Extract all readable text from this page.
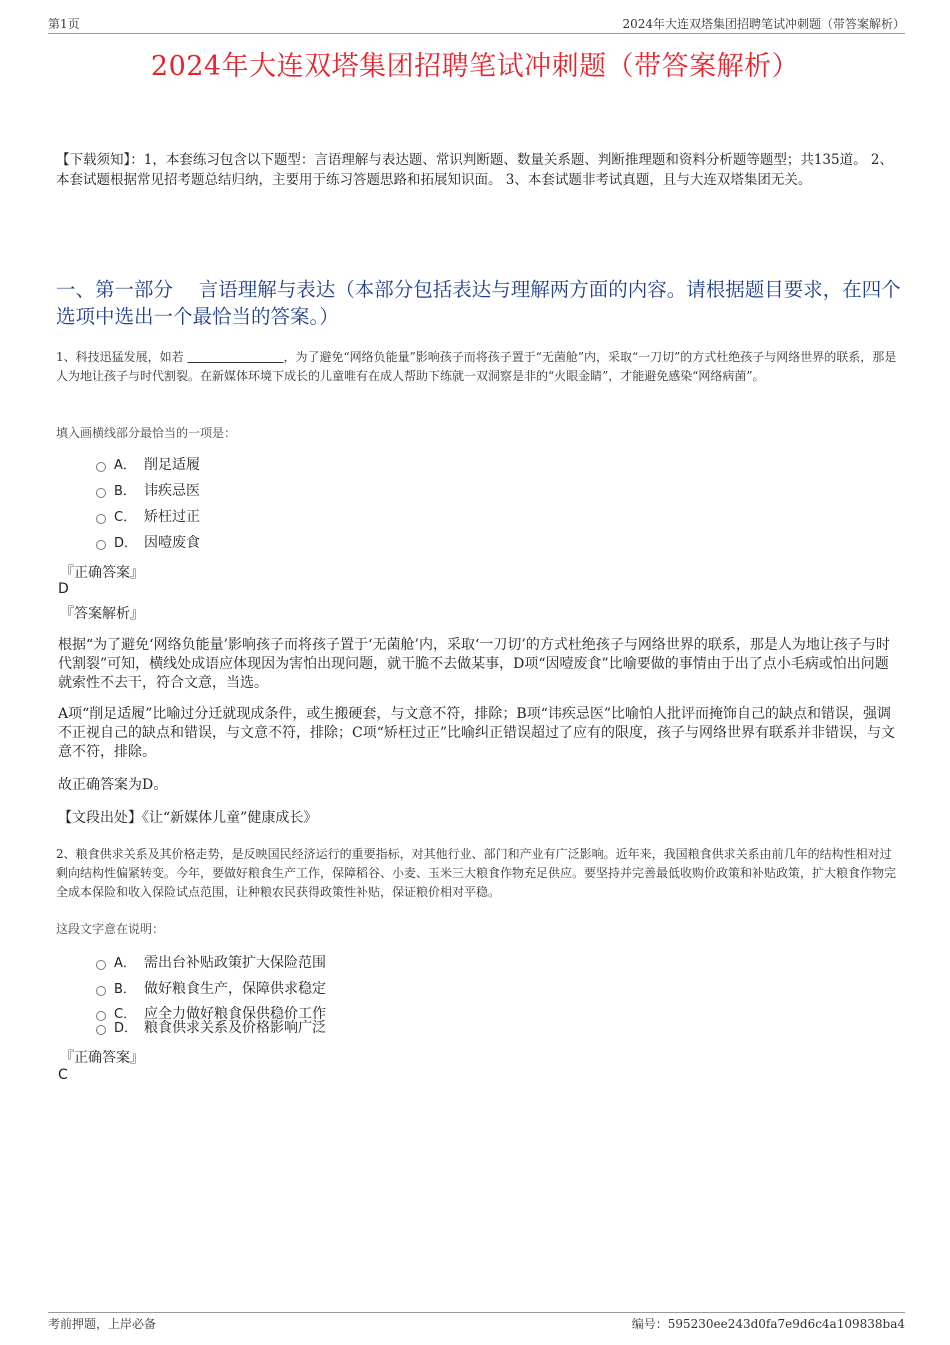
第1页	2024年大连双塔集团招聘笔试冲刺题（带答案解析）
2024年大连双塔集团招聘笔试冲刺题（带答案解析）
【下载须知】：1，本套练习包含以下题型：言语理解与表达题、常识判断题、数量关系题、判断推理题和资料分析题等题型；共135道。 2、本套试题根据常见招考题总结归纳，主要用于练习答题思路和拓展知识面。 3、本套试题非考试真题，且与大连双塔集团无关。
一、第一部分　 言语理解与表达（本部分包括表达与理解两方面的内容。请根据题目要求，在四个选项中选出一个最恰当的答案。）
1、科技迅猛发展，如若 ＿＿＿＿＿＿＿＿，为了避免“网络负能量”影响孩子而将孩子置于“无菌舱”内，采取“一刀切”的方式杜绝孩子与网络世界的联系，那是人为地让孩子与时代割裂。在新媒体环境下成长的儿童唯有在成人帮助下练就一双洞察是非的“火眼金睛”，才能避免感染“网络病菌”。
填入画横线部分最恰当的一项是：
A． 削足适履
B． 讳疾忌医
C． 矫枉过正
D． 因噎废食
『正确答案』
D
『答案解析』
根据“为了避免‘网络负能量’影响孩子而将孩子置于‘无菌舱’内，采取‘一刀切’的方式杜绝孩子与网络世界的联系，那是人为地让孩子与时代割裂”可知，横线处成语应体现因为害怕出现问题，就干脆不去做某事，D项“因噎废食”比喻要做的事情由于出了点小毛病或怕出问题就索性不去干，符合文意，当选。
A项“削足适履”比喻过分迁就现成条件，或生搬硬套，与文意不符，排除；B项“讳疾忌医”比喻怕人批评而掩饰自己的缺点和错误，强调不正视自己的缺点和错误，与文意不符，排除；C项“矫枉过正”比喻纠正错误超过了应有的限度，孩子与网络世界有联系并非错误，与文意不符，排除。
故正确答案为D。
【文段出处】《让“新媒体儿童”健康成长》
2、粮食供求关系及其价格走势，是反映国民经济运行的重要指标，对其他行业、部门和产业有广泛影响。近年来，我国粮食供求关系由前几年的结构性相对过剩向结构性偏紧转变。今年，要做好粮食生产工作，保障稻谷、小麦、玉米三大粮食作物充足供应。要坚持并完善最低收购价政策和补贴政策，扩大粮食作物完全成本保险和收入保险试点范围，让种粮农民获得政策性补贴，保证粮价相对平稳。
这段文字意在说明：
A． 需出台补贴政策扩大保险范围
B． 做好粮食生产，保障供求稳定
C． 应全力做好粮食保供稳价工作
D． 粮食供求关系及价格影响广泛
『正确答案』
C
考前押题，上岸必备	编号：595230ee243d0fa7e9d6c4a109838ba4
